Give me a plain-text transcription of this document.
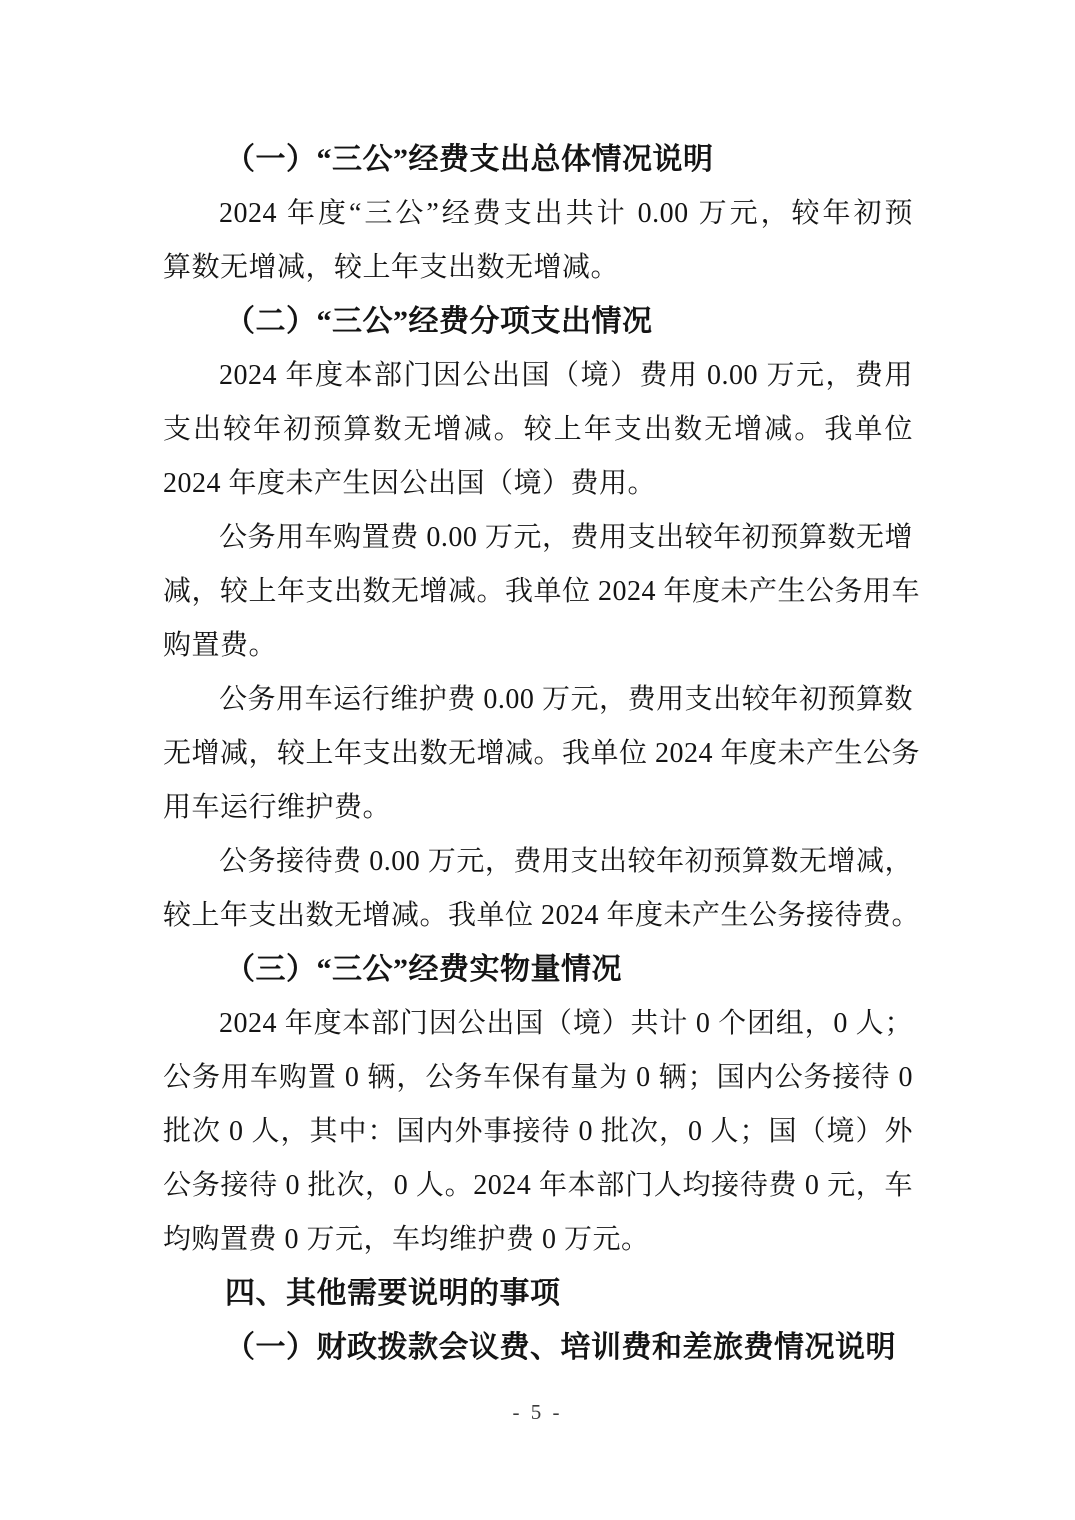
（一）“三公”经费支出总体情况说明
2024 年度“三公”经费支出共计 0.00 万元，较年初预
算数无增减，较上年支出数无增减。
（二）“三公”经费分项支出情况
2024 年度本部门因公出国（境）费用 0.00 万元，费用
支出较年初预算数无增减。较上年支出数无增减。我单位
2024 年度未产生因公出国（境）费用。
公务用车购置费 0.00 万元，费用支出较年初预算数无增
减，较上年支出数无增减。我单位 2024 年度未产生公务用车
购置费。
公务用车运行维护费 0.00 万元，费用支出较年初预算数
无增减，较上年支出数无增减。我单位 2024 年度未产生公务
用车运行维护费。
公务接待费 0.00 万元，费用支出较年初预算数无增减，
较上年支出数无增减。我单位 2024 年度未产生公务接待费。
（三）“三公”经费实物量情况
2024 年度本部门因公出国（境）共计 0 个团组，0 人；
公务用车购置 0 辆，公务车保有量为 0 辆；国内公务接待 0
批次 0 人，其中：国内外事接待 0 批次，0 人；国（境）外
公务接待 0 批次，0 人。2024 年本部门人均接待费 0 元，车
均购置费 0 万元，车均维护费 0 万元。
四、其他需要说明的事项
（一）财政拨款会议费、培训费和差旅费情况说明
- 5 -
